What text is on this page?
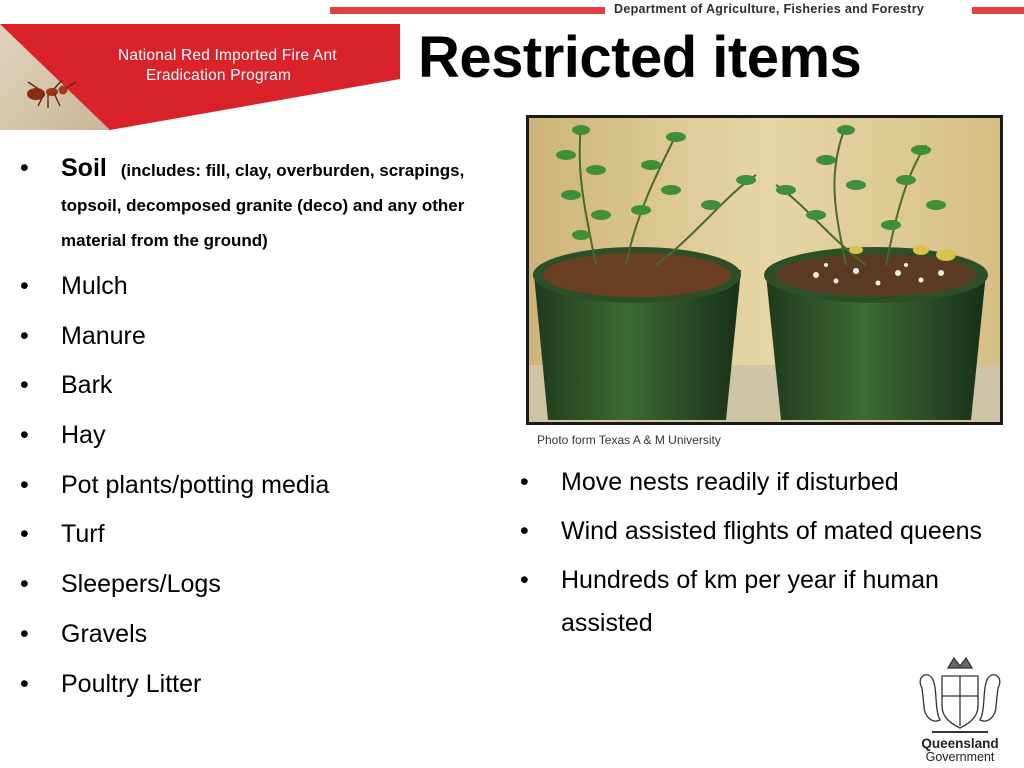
Department of Agriculture, Fisheries and Forestry
National Red Imported Fire Ant
Eradication Program	Restricted items
• Soil (includes: fill, clay, overburden, scrapings, topsoil, decomposed granite (deco) and any other material from the ground)
• Mulch
• Manure
• Bark
• Hay
• Pot plants/potting media
• Turf
• Sleepers/Logs
• Gravels
• Poultry Litter
Photo form Texas A & M University
• Move nests readily if disturbed
• Wind assisted flights of mated queens
• Hundreds of km per year if human assisted
Queensland
Government
